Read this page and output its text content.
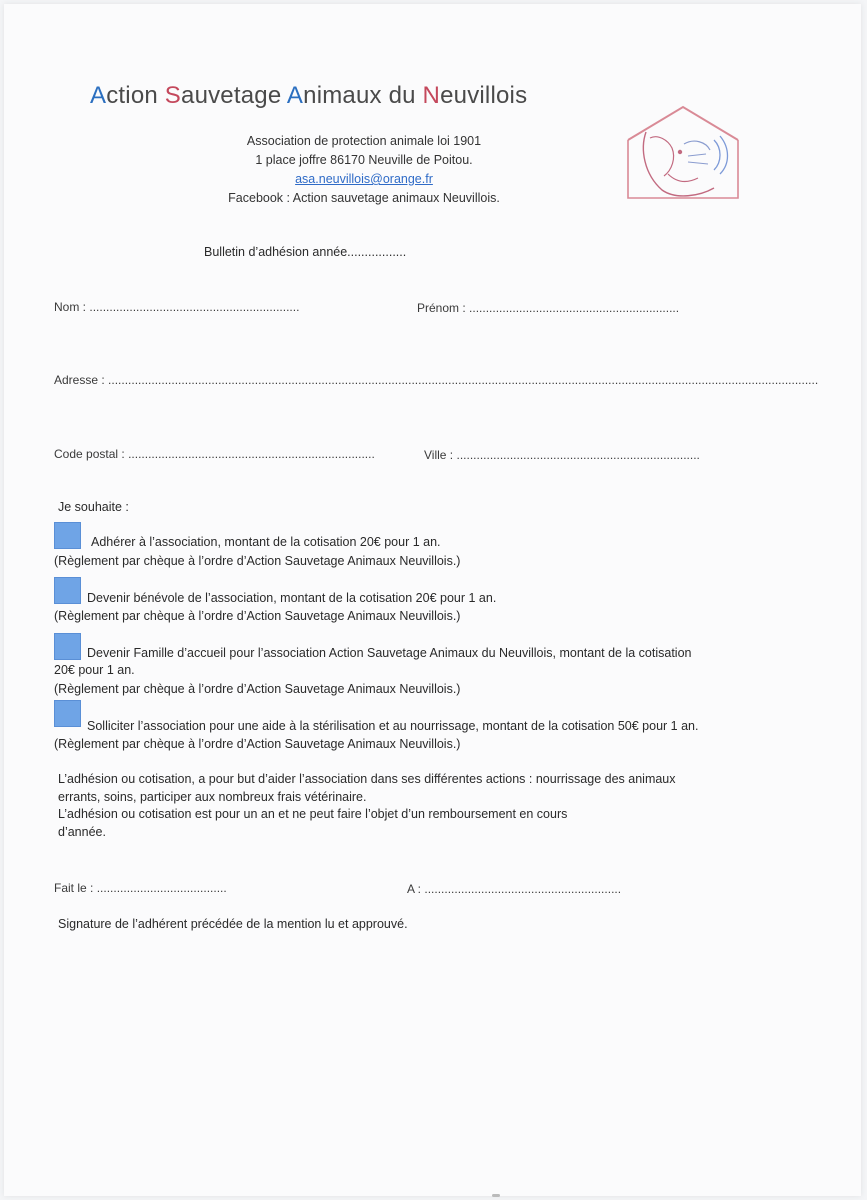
Action Sauvetage Animaux du Neuvillois
Association de protection animale loi 1901
1 place joffre 86170 Neuville de Poitou.
asa.neuvillois@orange.fr
Facebook : Action sauvetage animaux Neuvillois.
Bulletin d’adhésion année.................
Nom : ...............................................................	Prénom : ...............................................................
Adresse : .....................................................................................................................................................................................................................
Code postal : ..........................................................................	Ville : .........................................................................
Je souhaite :
Adhérer à l’association, montant de la cotisation 20€ pour 1 an.
(Règlement par chèque à l’ordre d’Action Sauvetage Animaux Neuvillois.)
Devenir bénévole de l’association, montant de la cotisation 20€ pour 1 an.
(Règlement par chèque à l’ordre d’Action Sauvetage Animaux Neuvillois.)
Devenir Famille d’accueil pour l’association Action Sauvetage Animaux du Neuvillois, montant de la cotisation
20€ pour 1 an.
(Règlement par chèque à l’ordre d’Action Sauvetage Animaux Neuvillois.)
Solliciter l’association pour une aide à la stérilisation et au nourrissage, montant de la cotisation 50€ pour 1 an.
(Règlement par chèque à l’ordre d’Action Sauvetage Animaux Neuvillois.)
L’adhésion ou cotisation, a pour but d’aider l’association dans ses différentes actions : nourrissage des animaux
errants, soins, participer aux nombreux frais vétérinaire.
L’adhésion ou cotisation est pour un an et ne peut faire l’objet d’un remboursement en cours
d’année.
Fait le : .......................................	A : ...........................................................
Signature de l’adhérent précédée de la mention lu et approuvé.
